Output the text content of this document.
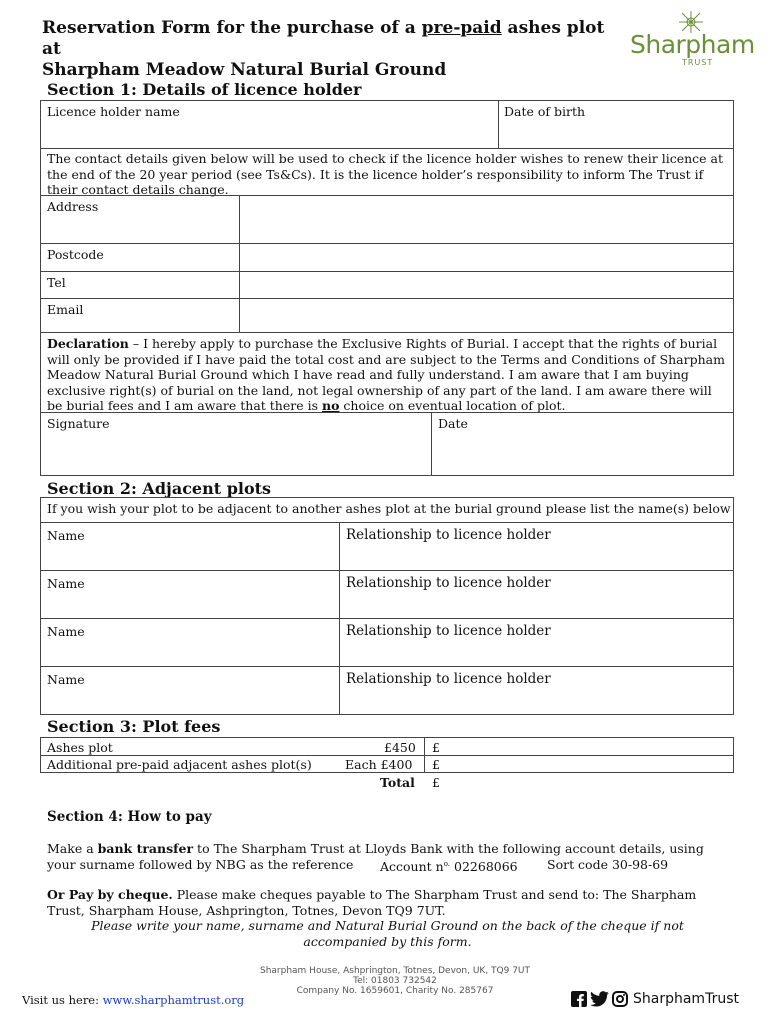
Reservation Form for the purchase of a pre-paid ashes plot at
Sharpham Meadow Natural Burial Ground
Sharpham
TRUST
Section 1: Details of licence holder
Licence holder name	Date of birth
The contact details given below will be used to check if the licence holder wishes to renew their licence at the end of the 20 year period (see Ts&Cs). It is the licence holder’s responsibility to inform The Trust if their contact details change.
Address
Postcode
Tel
Email
Declaration – I hereby apply to purchase the Exclusive Rights of Burial. I accept that the rights of burial will only be provided if I have paid the total cost and are subject to the Terms and Conditions of Sharpham Meadow Natural Burial Ground which I have read and fully understand. I am aware that I am buying exclusive right(s) of burial on the land, not legal ownership of any part of the land. I am aware there will be burial fees and I am aware that there is no choice on eventual location of plot.
Signature	Date
Section 2: Adjacent plots
If you wish your plot to be adjacent to another ashes plot at the burial ground please list the name(s) below
Name	Relationship to licence holder
Name	Relationship to licence holder
Name	Relationship to licence holder
Name	Relationship to licence holder
Section 3: Plot fees
Ashes plot	£450 £
Additional pre-paid adjacent ashes plot(s)	Each £400 £
Total £
Section 4: How to pay
Make a bank transfer to The Sharpham Trust at Lloyds Bank with the following account details, using
your surname followed by NBG as the reference Account $n^{o.}$ 02268066 Sort code 30-98-69
Or Pay by cheque. Please make cheques payable to The Sharpham Trust and send to: The Sharpham Trust, Sharpham House, Ashprington, Totnes, Devon TQ9 7UT.
Please write your name, surname and Natural Burial Ground on the back of the cheque if not accompanied by this form.
Sharpham House, Ashprington, Totnes, Devon, UK, TQ9 7UT
Tel: 01803 732542
Company No. 1659601, Charity No. 285767
Visit us here: www.sharphamtrust.org	SharphamTrust
